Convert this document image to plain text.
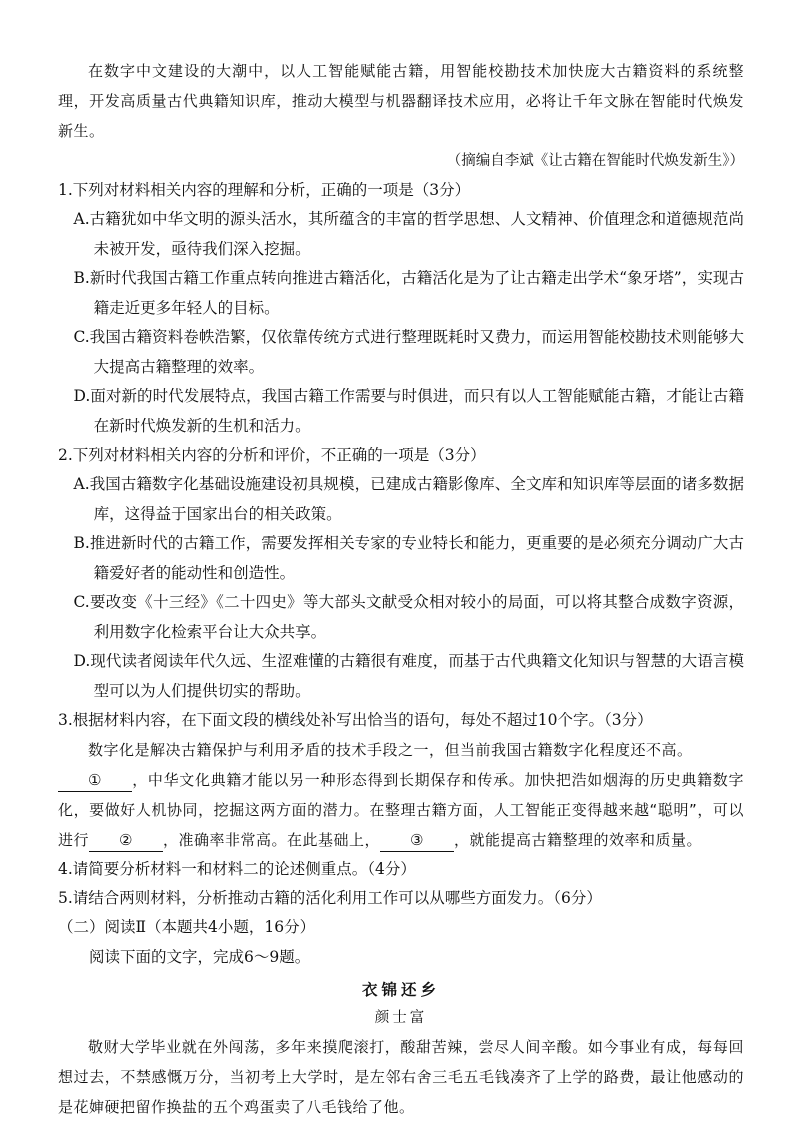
在数字中文建设的大潮中，以人工智能赋能古籍，用智能校勘技术加快庞大古籍资料的系统整理，开发高质量古代典籍知识库，推动大模型与机器翻译技术应用，必将让千年文脉在智能时代焕发新生。

（摘编自李斌《让古籍在智能时代焕发新生》）

1.下列对材料相关内容的理解和分析，正确的一项是（3分）

A.古籍犹如中华文明的源头活水，其所蕴含的丰富的哲学思想、人文精神、价值理念和道德规范尚未被开发，亟待我们深入挖掘。

B.新时代我国古籍工作重点转向推进古籍活化，古籍活化是为了让古籍走出学术“象牙塔”，实现古籍走近更多年轻人的目标。

C.我国古籍资料卷帙浩繁，仅依靠传统方式进行整理既耗时又费力，而运用智能校勘技术则能够大大提高古籍整理的效率。

D.面对新的时代发展特点，我国古籍工作需要与时俱进，而只有以人工智能赋能古籍，才能让古籍在新时代焕发新的生机和活力。

2.下列对材料相关内容的分析和评价，不正确的一项是（3分）

A.我国古籍数字化基础设施建设初具规模，已建成古籍影像库、全文库和知识库等层面的诸多数据库，这得益于国家出台的相关政策。

B.推进新时代的古籍工作，需要发挥相关专家的专业特长和能力，更重要的是必须充分调动广大古籍爱好者的能动性和创造性。

C.要改变《十三经》《二十四史》等大部头文献受众相对较小的局面，可以将其整合成数字资源，利用数字化检索平台让大众共享。

D.现代读者阅读年代久远、生涩难懂的古籍很有难度，而基于古代典籍文化知识与智慧的大语言模型可以为人们提供切实的帮助。

3.根据材料内容，在下面文段的横线处补写出恰当的语句，每处不超过10个字。（3分）

数字化是解决古籍保护与利用矛盾的技术手段之一，但当前我国古籍数字化程度还不高。
① ，中华文化典籍才能以另一种形态得到长期保存和传承。加快把浩如烟海的历史典籍数字化，要做好人机协同，挖掘这两方面的潜力。在整理古籍方面，人工智能正变得越来越“聪明”，可以进行 ② ，准确率非常高。在此基础上， ③ ，就能提高古籍整理的效率和质量。

4.请简要分析材料一和材料二的论述侧重点。（4分）

5.请结合两则材料，分析推动古籍的活化利用工作可以从哪些方面发力。（6分）

（二）阅读Ⅱ（本题共4小题，16分）

阅读下面的文字，完成6～9题。

衣锦还乡

颜士富

敬财大学毕业就在外闯荡，多年来摸爬滚打，酸甜苦辣，尝尽人间辛酸。如今事业有成，每每回想过去，不禁感慨万分，当初考上大学时，是左邻右舍三毛五毛钱凑齐了上学的路费，最让他感动的是花婶硬把留作换盐的五个鸡蛋卖了八毛钱给了他。
